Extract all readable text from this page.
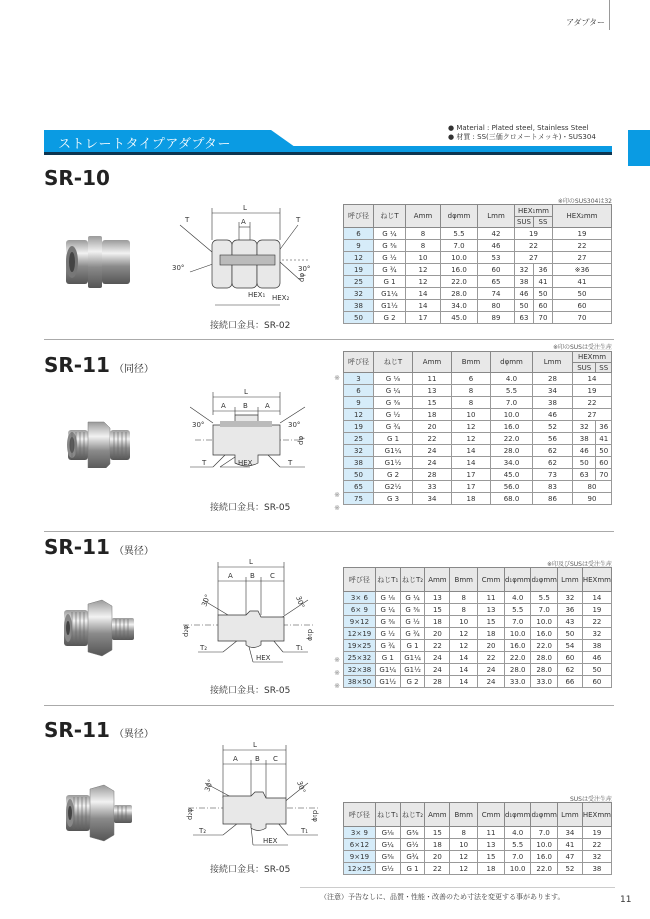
アダプター
ストレートタイプアダプター
● Material : Plated steel, Stainless Steel
● 材質 : SS(三価クロメートメッキ)・SUS304
SR-10
L
A
T	T
30°	30°
dφ
HEX₁ HEX₂
接続口金具：SR-02
※印のSUS304は32
呼び径	ねじT	Amm	dφmm	Lmm	HEX₁mm		HEX₂mm
					SUS	SS	
6	G ¼	8	5.5	42	19		19
9	G ⅜	8	7.0	46	22		22
12	G ½	10	10.0	53	27		27
19	G ¾	12	16.0	60	32	36	※36
25	G 1	12	22.0	65	38	41	41
32	G1¼	14	28.0	74	46	50	50
38	G1½	14	34.0	80	50	60	60
50	G 2	17	45.0	89	63	70	70
SR-11 （同径）
L
A B A
30°	30°
dφ
T	HEX	T
接続口金具：SR-05
※印のSUSは受注生産
呼び径	ねじT	Amm	Bmm	dφmm	Lmm	HEXmm	
						SUS	SS
3	G ⅛	11	6	4.0	28	14	
6	G ¼	13	8	5.5	34	19	
9	G ⅜	15	8	7.0	38	22	
12	G ½	18	10	10.0	46	27	
19	G ¾	20	12	16.0	52	32	36
25	G 1	22	12	22.0	56	38	41
32	G1¼	24	14	28.0	62	46	50
38	G1½	24	14	34.0	62	50	60
50	G 2	28	17	45.0	73	63	70
65	G2½	33	17	56.0	83	80	
75	G 3	34	18	68.0	86	90	
※
※
※
SR-11 （異径）
L
A B C
30°	30°
d₂φ	d₁φ
T₂
HEX
T₁
接続口金具：SR-05
※印及びSUSは受注生産
呼び径	ねじT₁	ねじT₂	Amm	Bmm	Cmm	d₁φmm	d₂φmm	Lmm	HEXmm
3× 6	G ⅛	G ¼	13	8	11	4.0	5.5	32	14
6× 9	G ¼	G ⅜	15	8	13	5.5	7.0	36	19
9×12	G ⅜	G ½	18	10	15	7.0	10.0	43	22
12×19	G ½	G ¾	20	12	18	10.0	16.0	50	32
19×25	G ¾	G 1	22	12	20	16.0	22.0	54	38
25×32	G 1	G1¼	24	14	22	22.0	28.0	60	46
32×38	G1¼	G1½	24	14	24	28.0	28.0	62	50
38×50	G1½	G 2	28	14	24	33.0	33.0	66	60
※
※
※
SR-11 （異径）
L
A B C
30°	30°
d₂φ	d₁φ
T₂
HEX
T₁
接続口金具：SR-05
SUSは受注生産
呼び径	ねじT₁	ねじT₂	Amm	Bmm	Cmm	d₁φmm	d₂φmm	Lmm	HEXmm
3× 9	G⅛	G⅜	15	8	11	4.0	7.0	34	19
6×12	G¼	G½	18	10	13	5.5	10.0	41	22
9×19	G⅜	G¾	20	12	15	7.0	16.0	47	32
12×25	G½	G 1	22	12	18	10.0	22.0	52	38
（注意）予告なしに、品質・性能・改善のため寸法を変更する事があります。	11
